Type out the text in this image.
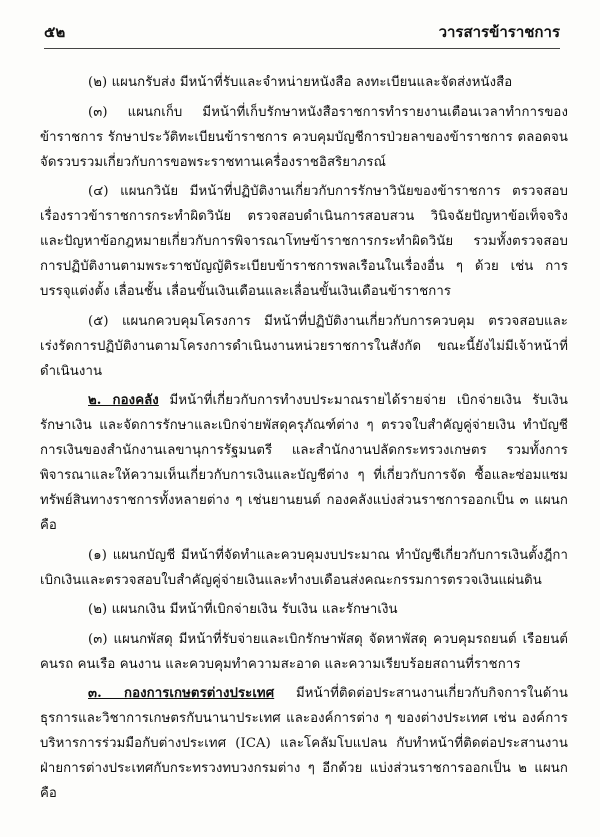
๕๒	วารสารข้าราชการ

(๒) แผนกรับส่ง มีหน้าที่รับและจำหน่ายหนังสือ ลงทะเบียนและจัดส่งหนังสือ

(๓) แผนกเก็บ มีหน้าที่เก็บรักษาหนังสือราชการทำรายงานเตือนเวลาทำการของข้าราชการ รักษาประวัติทะเบียนข้าราชการ ควบคุมบัญชีการป่วยลาของข้าราชการ ตลอดจนจัดรวบรวมเกี่ยวกับการขอพระราชทานเครื่องราชอิสริยาภรณ์

(๔) แผนกวินัย มีหน้าที่ปฏิบัติงานเกี่ยวกับการรักษาวินัยของข้าราชการ ตรวจสอบเรื่องราวข้าราชการกระทำผิดวินัย ตรวจสอบดำเนินการสอบสวน วินิจฉัยปัญหาข้อเท็จจริงและปัญหาข้อกฎหมายเกี่ยวกับการพิจารณาโทษข้าราชการกระทำผิดวินัย รวมทั้งตรวจสอบการปฏิบัติงานตามพระราชบัญญัติระเบียบข้าราชการพลเรือนในเรื่องอื่น ๆ ด้วย เช่น การบรรจุแต่งตั้ง เลื่อนชั้น เลื่อนขั้นเงินเดือนและเลื่อนขั้นเงินเดือนข้าราชการ

(๕) แผนกควบคุมโครงการ มีหน้าที่ปฏิบัติงานเกี่ยวกับการควบคุม ตรวจสอบและเร่งรัดการปฏิบัติงานตามโครงการดำเนินงานหน่วยราชการในสังกัด ขณะนี้ยังไม่มีเจ้าหน้าที่ดำเนินงาน

๒. กองคลัง มีหน้าที่เกี่ยวกับการทำงบประมาณรายได้รายจ่าย เบิกจ่ายเงิน รับเงิน รักษาเงิน และจัดการรักษาและเบิกจ่ายพัสดุครุภัณฑ์ต่าง ๆ ตรวจใบสำคัญคู่จ่ายเงิน ทำบัญชีการเงินของสำนักงานเลขานุการรัฐมนตรี และสำนักงานปลัดกระทรวงเกษตร รวมทั้งการพิจารณาและให้ความเห็นเกี่ยวกับการเงินและบัญชีต่าง ๆ ที่เกี่ยวกับการจัด ซื้อและซ่อมแซมทรัพย์สินทางราชการทั้งหลายต่าง ๆ เช่นยานยนต์ กองคลังแบ่งส่วนราชการออกเป็น ๓ แผนก คือ

(๑) แผนกบัญชี มีหน้าที่จัดทำและควบคุมงบประมาณ ทำบัญชีเกี่ยวกับการเงินตั้งฎีกาเบิกเงินและตรวจสอบใบสำคัญคู่จ่ายเงินและทำงบเดือนส่งคณะกรรมการตรวจเงินแผ่นดิน

(๒) แผนกเงิน มีหน้าที่เบิกจ่ายเงิน รับเงิน และรักษาเงิน

(๓) แผนกพัสดุ มีหน้าที่รับจ่ายและเบิกรักษาพัสดุ จัดหาพัสดุ ควบคุมรถยนต์ เรือยนต์ คนรถ คนเรือ คนงาน และควบคุมทำความสะอาด และความเรียบร้อยสถานที่ราชการ

๓. กองการเกษตรต่างประเทศ มีหน้าที่ติดต่อประสานงานเกี่ยวกับกิจการในด้านธุรการและวิชาการเกษตรกับนานาประเทศ และองค์การต่าง ๆ ของต่างประเทศ เช่น องค์การบริหารการร่วมมือกับต่างประเทศ (ICA) และโคลัมโบแปลน กับทำหน้าที่ติดต่อประสานงานฝ่ายการต่างประเทศกับกระทรวงทบวงกรมต่าง ๆ อีกด้วย แบ่งส่วนราชการออกเป็น ๒ แผนก คือ
